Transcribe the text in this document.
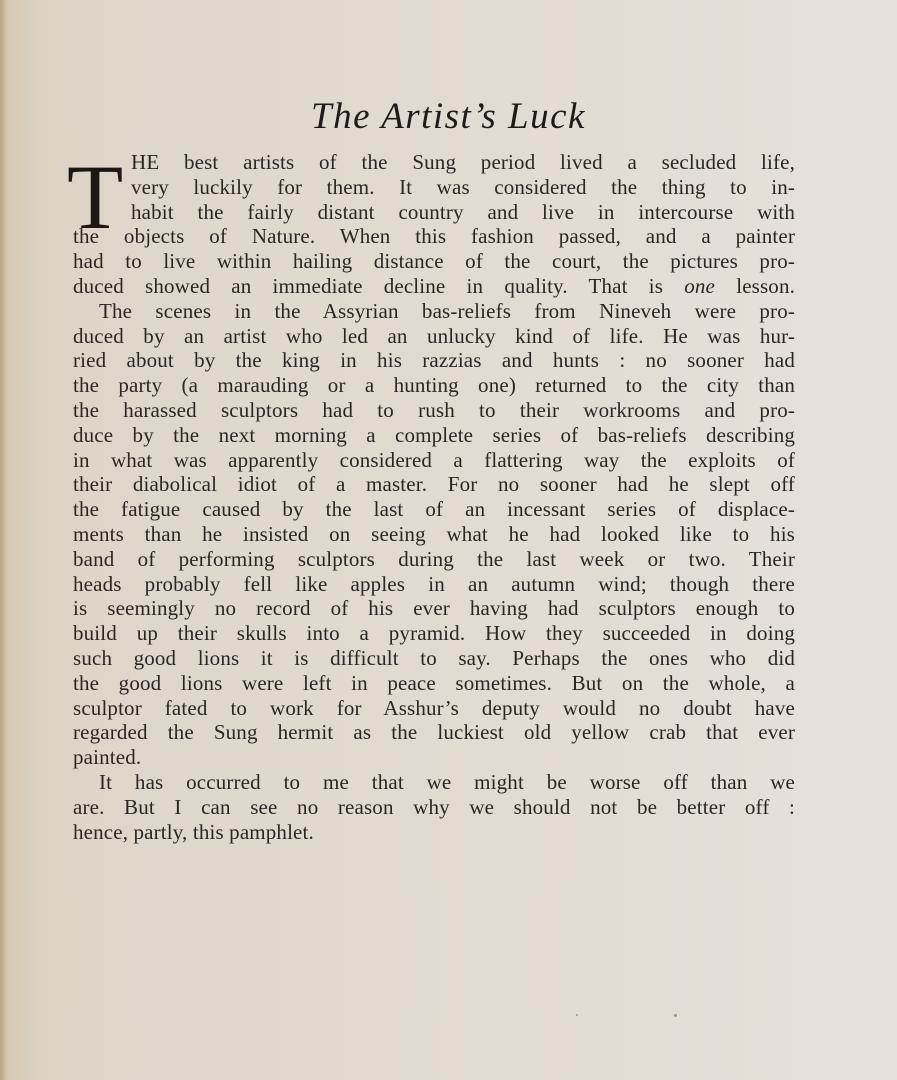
The Artist’s Luck
T HE best artists of the Sung period lived a secluded life,
very luckily for them. It was considered the thing to in-
habit the fairly distant country and live in intercourse with
the objects of Nature. When this fashion passed, and a painter
had to live within hailing distance of the court, the pictures pro-
duced showed an immediate decline in quality. That is one lesson.
The scenes in the Assyrian bas-reliefs from Nineveh were pro-
duced by an artist who led an unlucky kind of life. He was hur-
ried about by the king in his razzias and hunts : no sooner had
the party (a marauding or a hunting one) returned to the city than
the harassed sculptors had to rush to their workrooms and pro-
duce by the next morning a complete series of bas-reliefs describing
in what was apparently considered a flattering way the exploits of
their diabolical idiot of a master. For no sooner had he slept off
the fatigue caused by the last of an incessant series of displace-
ments than he insisted on seeing what he had looked like to his
band of performing sculptors during the last week or two. Their
heads probably fell like apples in an autumn wind; though there
is seemingly no record of his ever having had sculptors enough to
build up their skulls into a pyramid. How they succeeded in doing
such good lions it is difficult to say. Perhaps the ones who did
the good lions were left in peace sometimes. But on the whole, a
sculptor fated to work for Asshur’s deputy would no doubt have
regarded the Sung hermit as the luckiest old yellow crab that ever
painted.
It has occurred to me that we might be worse off than we
are. But I can see no reason why we should not be better off :
hence, partly, this pamphlet.
